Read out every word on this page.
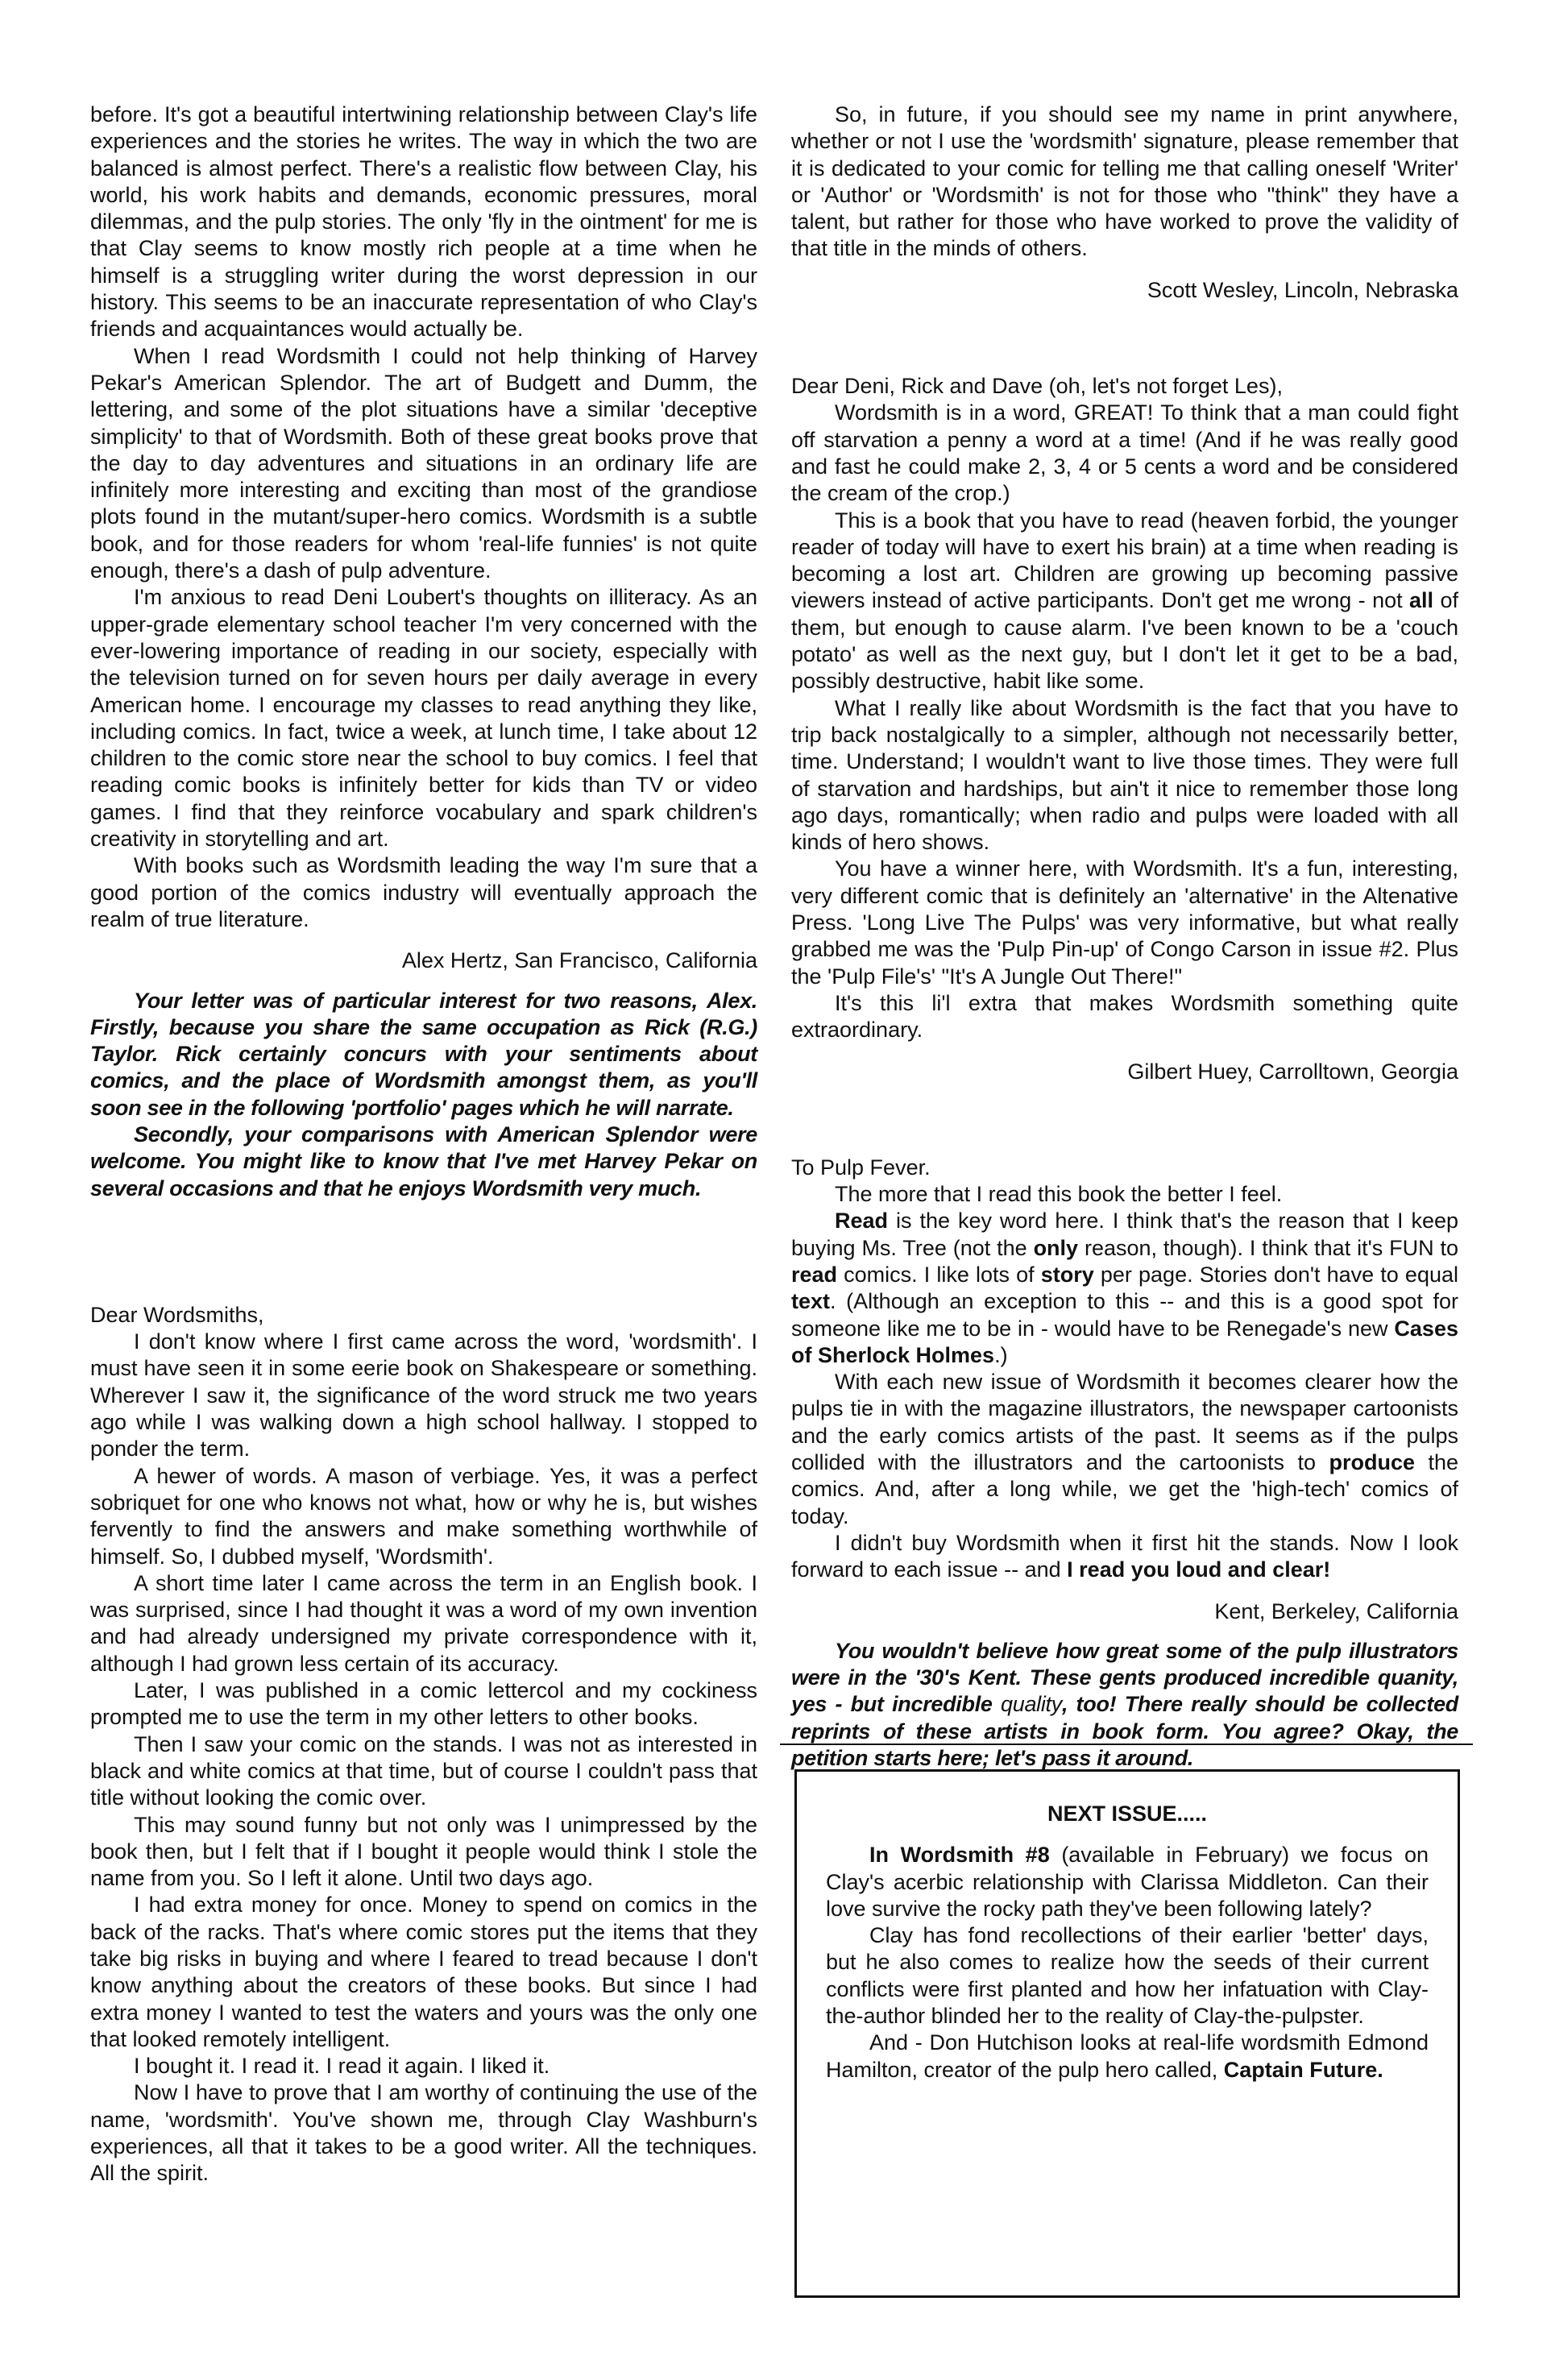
before. It's got a beautiful intertwining relationship between Clay's life experiences and the stories he writes. The way in which the two are balanced is almost perfect. There's a realistic flow between Clay, his world, his work habits and demands, economic pressures, moral dilemmas, and the pulp stories. The only 'fly in the ointment' for me is that Clay seems to know mostly rich people at a time when he himself is a struggling writer during the worst depression in our history. This seems to be an inaccurate representation of who Clay's friends and acquaintances would actually be.

When I read Wordsmith I could not help thinking of Harvey Pekar's American Splendor. The art of Budgett and Dumm, the lettering, and some of the plot situations have a similar 'deceptive simplicity' to that of Wordsmith. Both of these great books prove that the day to day adventures and situations in an ordinary life are infinitely more interesting and exciting than most of the grandiose plots found in the mutant/super-hero comics. Wordsmith is a subtle book, and for those readers for whom 'real-life funnies' is not quite enough, there's a dash of pulp adventure.

I'm anxious to read Deni Loubert's thoughts on illiteracy. As an upper-grade elementary school teacher I'm very concerned with the ever-lowering importance of reading in our society, especially with the television turned on for seven hours per daily average in every American home. I encourage my classes to read anything they like, including comics. In fact, twice a week, at lunch time, I take about 12 children to the comic store near the school to buy comics. I feel that reading comic books is infinitely better for kids than TV or video games. I find that they reinforce vocabulary and spark children's creativity in storytelling and art.

With books such as Wordsmith leading the way I'm sure that a good portion of the comics industry will eventually approach the realm of true literature.

Alex Hertz, San Francisco, California

Your letter was of particular interest for two reasons, Alex. Firstly, because you share the same occupation as Rick (R.G.) Taylor. Rick certainly concurs with your sentiments about comics, and the place of Wordsmith amongst them, as you'll soon see in the following 'portfolio' pages which he will narrate.

Secondly, your comparisons with American Splendor were welcome. You might like to know that I've met Harvey Pekar on several occasions and that he enjoys Wordsmith very much.

Dear Wordsmiths,

I don't know where I first came across the word, 'wordsmith'. I must have seen it in some eerie book on Shakespeare or something. Wherever I saw it, the significance of the word struck me two years ago while I was walking down a high school hallway. I stopped to ponder the term.

A hewer of words. A mason of verbiage. Yes, it was a perfect sobriquet for one who knows not what, how or why he is, but wishes fervently to find the answers and make something worthwhile of himself. So, I dubbed myself, 'Wordsmith'.

A short time later I came across the term in an English book. I was surprised, since I had thought it was a word of my own invention and had already undersigned my private correspondence with it, although I had grown less certain of its accuracy.

Later, I was published in a comic lettercol and my cockiness prompted me to use the term in my other letters to other books.

Then I saw your comic on the stands. I was not as interested in black and white comics at that time, but of course I couldn't pass that title without looking the comic over.

This may sound funny but not only was I unimpressed by the book then, but I felt that if I bought it people would think I stole the name from you. So I left it alone. Until two days ago.

I had extra money for once. Money to spend on comics in the back of the racks. That's where comic stores put the items that they take big risks in buying and where I feared to tread because I don't know anything about the creators of these books. But since I had extra money I wanted to test the waters and yours was the only one that looked remotely intelligent.

I bought it. I read it. I read it again. I liked it.

Now I have to prove that I am worthy of continuing the use of the name, 'wordsmith'. You've shown me, through Clay Washburn's experiences, all that it takes to be a good writer. All the techniques. All the spirit.

So, in future, if you should see my name in print anywhere, whether or not I use the 'wordsmith' signature, please remember that it is dedicated to your comic for telling me that calling oneself 'Writer' or 'Author' or 'Wordsmith' is not for those who "think" they have a talent, but rather for those who have worked to prove the validity of that title in the minds of others.

Scott Wesley, Lincoln, Nebraska

Dear Deni, Rick and Dave (oh, let's not forget Les),

Wordsmith is in a word, GREAT! To think that a man could fight off starvation a penny a word at a time! (And if he was really good and fast he could make 2, 3, 4 or 5 cents a word and be considered the cream of the crop.)

This is a book that you have to read (heaven forbid, the younger reader of today will have to exert his brain) at a time when reading is becoming a lost art. Children are growing up becoming passive viewers instead of active participants. Don't get me wrong - not all of them, but enough to cause alarm. I've been known to be a 'couch potato' as well as the next guy, but I don't let it get to be a bad, possibly destructive, habit like some.

What I really like about Wordsmith is the fact that you have to trip back nostalgically to a simpler, although not necessarily better, time. Understand; I wouldn't want to live those times. They were full of starvation and hardships, but ain't it nice to remember those long ago days, romantically; when radio and pulps were loaded with all kinds of hero shows.

You have a winner here, with Wordsmith. It's a fun, interesting, very different comic that is definitely an 'alternative' in the Altenative Press. 'Long Live The Pulps' was very informative, but what really grabbed me was the 'Pulp Pin-up' of Congo Carson in issue #2. Plus the 'Pulp File's' "It's A Jungle Out There!"

It's this li'l extra that makes Wordsmith something quite extraordinary.

Gilbert Huey, Carrolltown, Georgia

To Pulp Fever.

The more that I read this book the better I feel.

Read is the key word here. I think that's the reason that I keep buying Ms. Tree (not the only reason, though). I think that it's FUN to read comics. I like lots of story per page. Stories don't have to equal text. (Although an exception to this -- and this is a good spot for someone like me to be in - would have to be Renegade's new Cases of Sherlock Holmes.)

With each new issue of Wordsmith it becomes clearer how the pulps tie in with the magazine illustrators, the newspaper cartoonists and the early comics artists of the past. It seems as if the pulps collided with the illustrators and the cartoonists to produce the comics. And, after a long while, we get the 'high-tech' comics of today.

I didn't buy Wordsmith when it first hit the stands. Now I look forward to each issue -- and I read you loud and clear!

Kent, Berkeley, California

You wouldn't believe how great some of the pulp illustrators were in the '30's Kent. These gents produced incredible quanity, yes - but incredible quality, too! There really should be collected reprints of these artists in book form. You agree? Okay, the petition starts here; let's pass it around.

NEXT ISSUE.....

In Wordsmith #8 (available in February) we focus on Clay's acerbic relationship with Clarissa Middleton. Can their love survive the rocky path they've been following lately?

Clay has fond recollections of their earlier 'better' days, but he also comes to realize how the seeds of their current conflicts were first planted and how her infatuation with Clay-the-author blinded her to the reality of Clay-the-pulpster.

And - Don Hutchison looks at real-life wordsmith Edmond Hamilton, creator of the pulp hero called, Captain Future.
